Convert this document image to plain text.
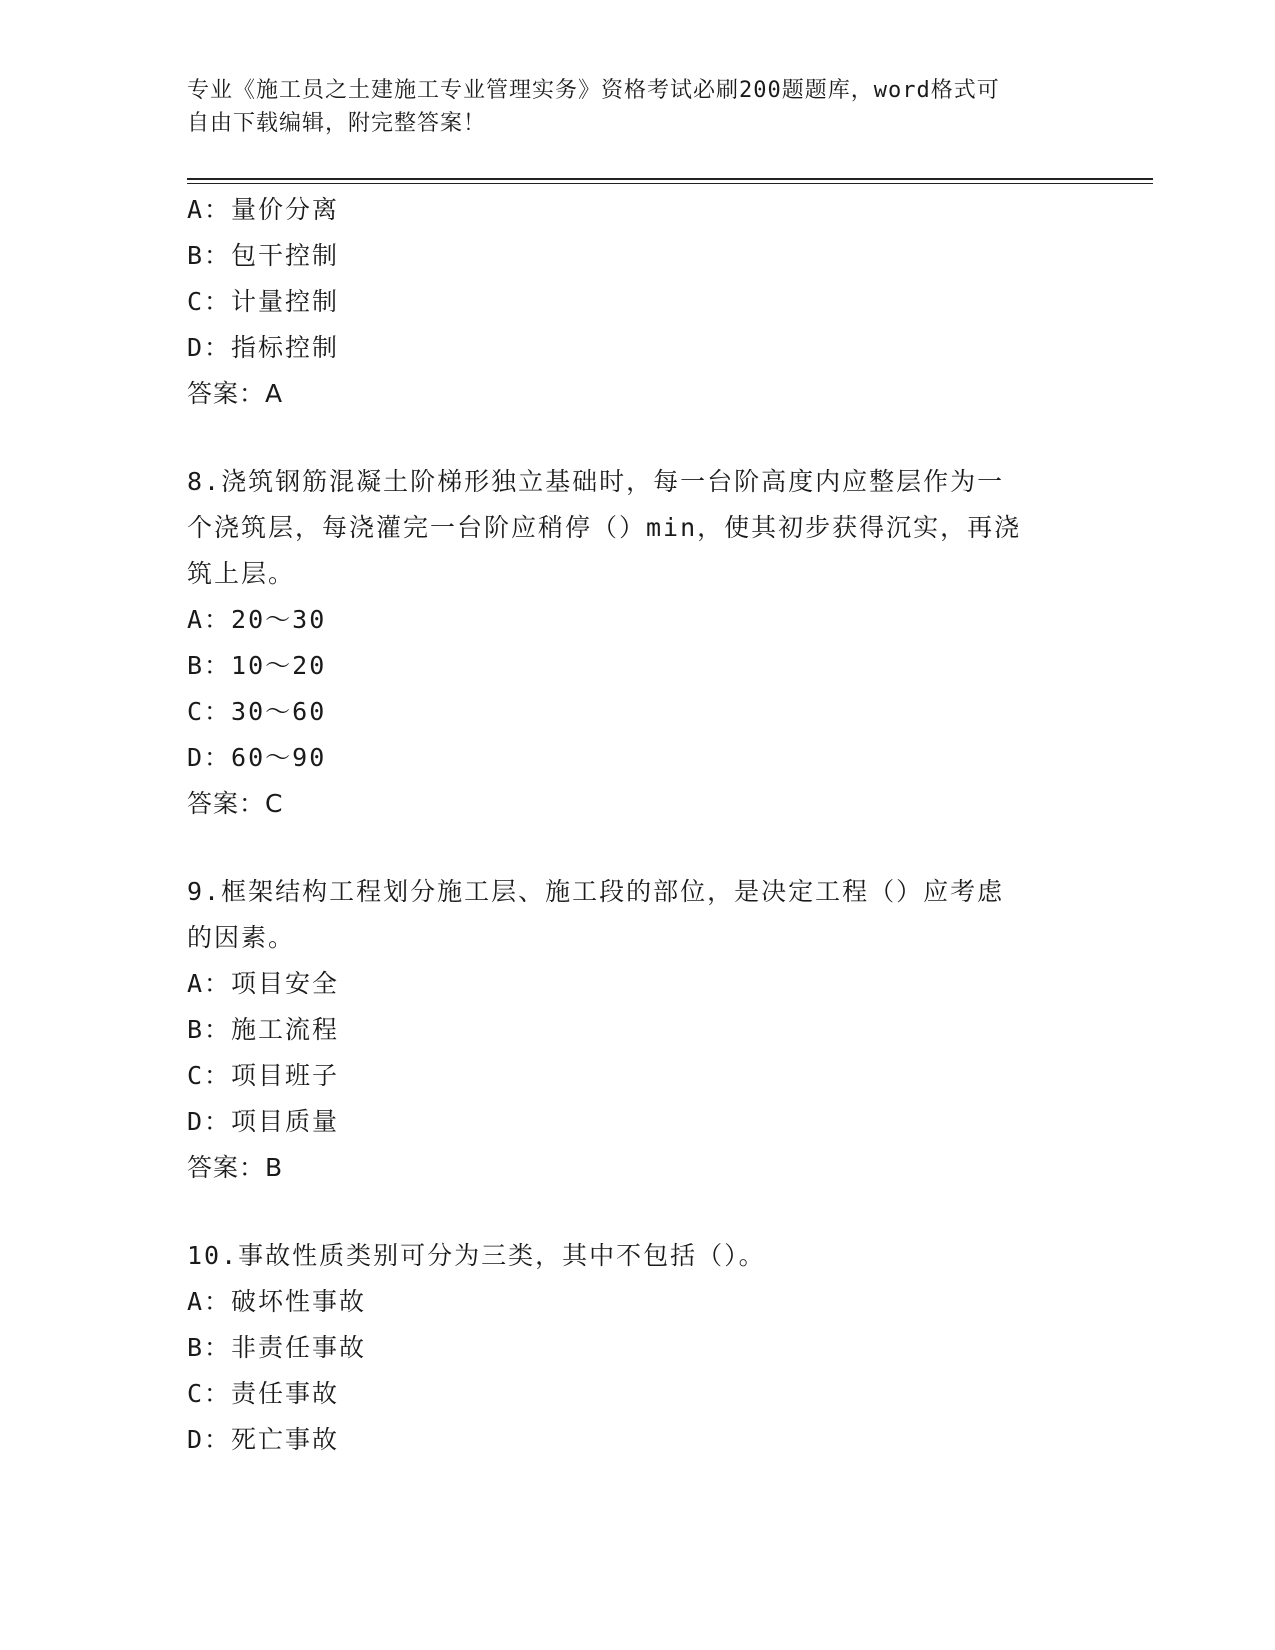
专业《施工员之土建施工专业管理实务》资格考试必刷200题题库，word格式可
自由下载编辑，附完整答案！
A：量价分离
B：包干控制
C：计量控制
D：指标控制
答案：A
8.浇筑钢筋混凝土阶梯形独立基础时，每一台阶高度内应整层作为一
个浇筑层，每浇灌完一台阶应稍停（）min，使其初步获得沉实，再浇
筑上层。
A：20～30
B：10～20
C：30～60
D：60～90
答案：C
9.框架结构工程划分施工层、施工段的部位，是决定工程（）应考虑
的因素。
A：项目安全
B：施工流程
C：项目班子
D：项目质量
答案：B
10.事故性质类别可分为三类，其中不包括（）。
A：破坏性事故
B：非责任事故
C：责任事故
D：死亡事故
